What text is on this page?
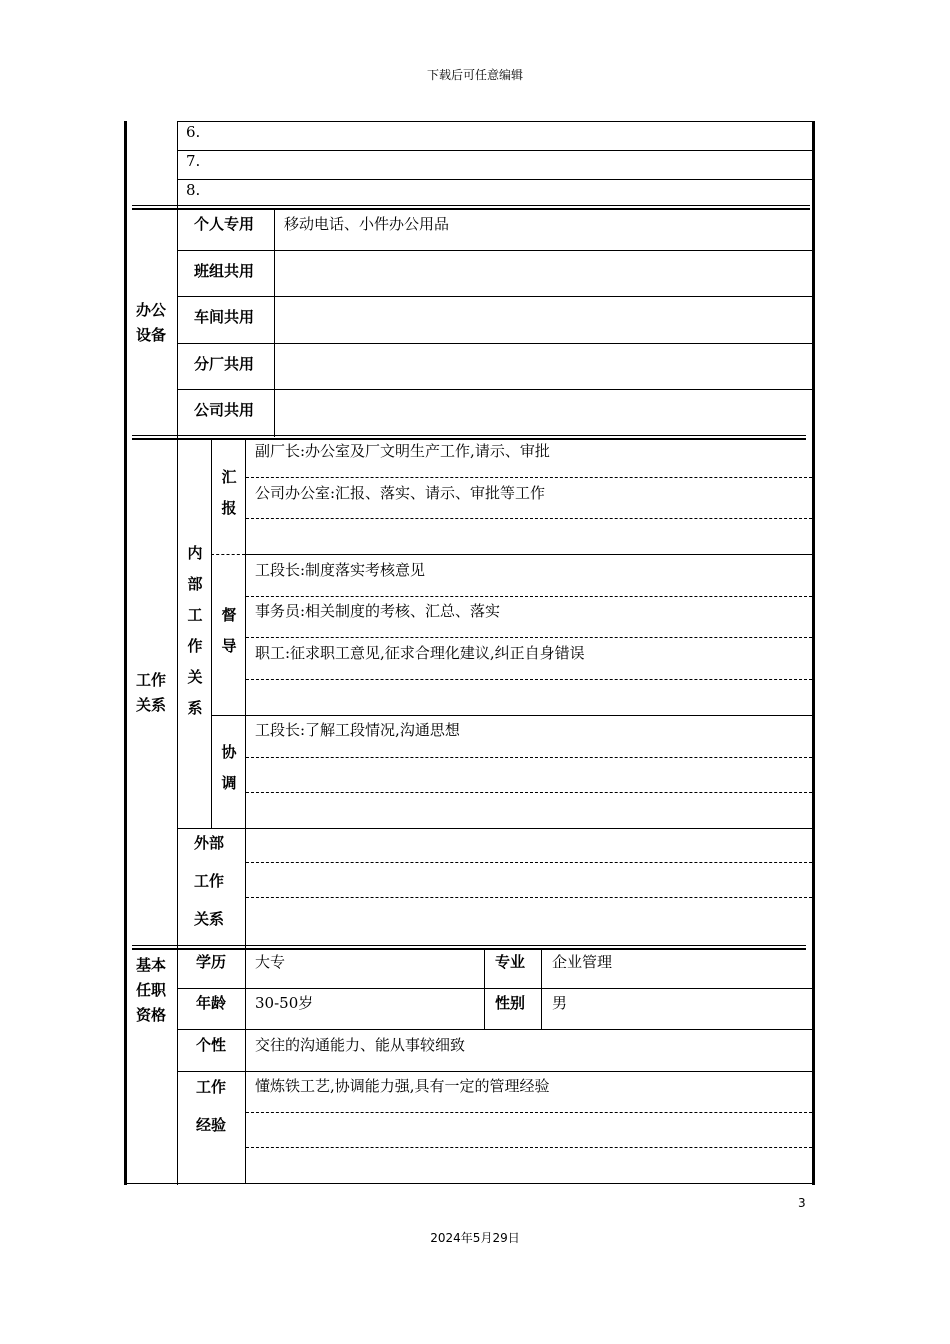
下载后可任意编辑
6.
7.
8.
办公设备
个人专用 移动电话、小件办公用品
班组共用
车间共用
分厂共用
公司共用
工作关系
内部工作关系
汇报
副厂长:办公室及厂文明生产工作,请示、审批
公司办公室:汇报、落实、请示、审批等工作
督导
工段长:制度落实考核意见
事务员:相关制度的考核、汇总、落实
职工:征求职工意见,征求合理化建议,纠正自身错误
协调
工段长:了解工段情况,沟通思想
外部
工作
关系
基本任职资格
学历 大专	专业 企业管理
年龄 30-50岁	性别 男
个性 交往的沟通能力、能从事较细致
工作
经验
懂炼铁工艺,协调能力强,具有一定的管理经验
3
2024年5月29日
